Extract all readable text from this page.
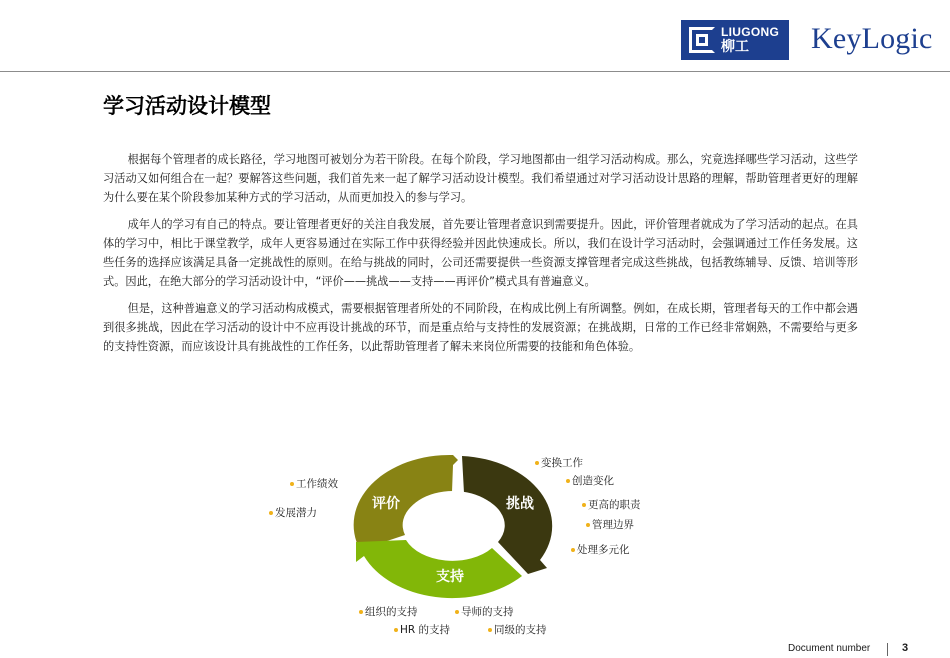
LIUGONG
柳工	KeyLogic
学习活动设计模型

根据每个管理者的成长路径，学习地图可被划分为若干阶段。在每个阶段，学习地图都由一组学习活动构成。那么，究竟选择哪些学习活动，这些学习活动又如何组合在一起？要解答这些问题，我们首先来一起了解学习活动设计模型。我们希望通过对学习活动设计思路的理解，帮助管理者更好的理解为什么要在某个阶段参加某种方式的学习活动，从而更加投入的参与学习。

成年人的学习有自己的特点。要让管理者更好的关注自我发展，首先要让管理者意识到需要提升。因此，评价管理者就成为了学习活动的起点。在具体的学习中，相比于课堂教学，成年人更容易通过在实际工作中获得经验并因此快速成长。所以，我们在设计学习活动时，会强调通过工作任务发展。这些任务的选择应该满足具备一定挑战性的原则。在给与挑战的同时，公司还需要提供一些资源支撑管理者完成这些挑战，包括教练辅导、反馈、培训等形式。因此，在绝大部分的学习活动设计中，“评价——挑战——支持——再评价”模式具有普遍意义。

但是，这种普遍意义的学习活动构成模式，需要根据管理者所处的不同阶段，在构成比例上有所调整。例如，在成长期，管理者每天的工作中都会遇到很多挑战，因此在学习活动的设计中不应再设计挑战的环节，而是重点给与支持性的发展资源；在挑战期，日常的工作已经非常娴熟，不需要给与更多的支持性资源，而应该设计具有挑战性的工作任务，以此帮助管理者了解未来岗位所需要的技能和角色体验。

评价	挑战
支持
工作绩效
发展潜力
变换工作
创造变化
更高的职责
管理边界
处理多元化
组织的支持	导师的支持
HR 的支持	同级的支持
Document number	3
